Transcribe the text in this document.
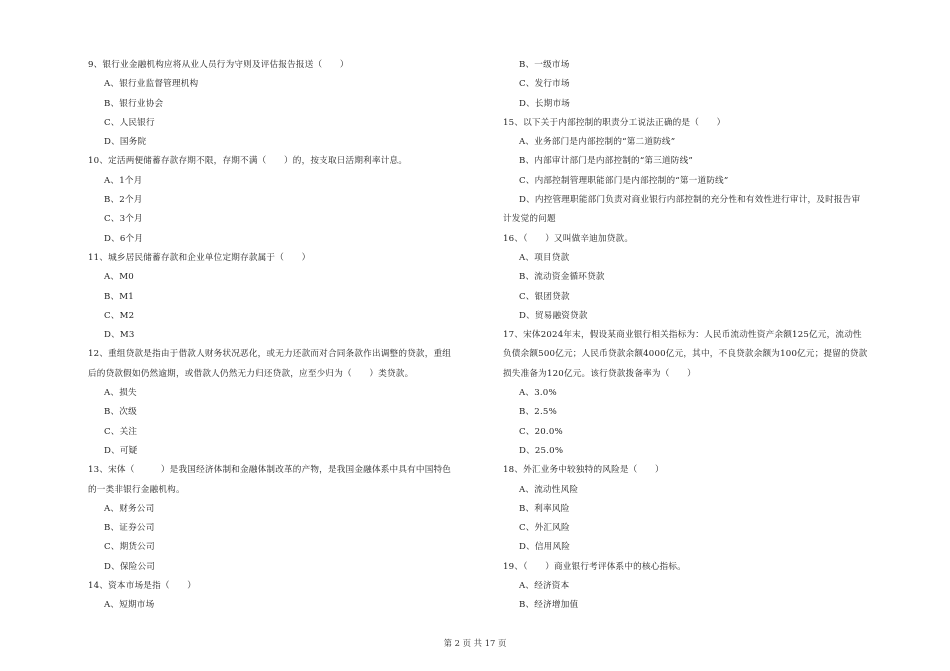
9、银行业金融机构应将从业人员行为守则及评估报告报送（　　）
A、银行业监督管理机构
B、银行业协会
C、人民银行
D、国务院
10、定活两便储蓄存款存期不限，存期不满（　　）的，按支取日活期利率计息。
A、1个月
B、2个月
C、3个月
D、6个月
11、城乡居民储蓄存款和企业单位定期存款属于（　　）
A、M0
B、M1
C、M2
D、M3
12、重组贷款是指由于借款人财务状况恶化，或无力还款而对合同条款作出调整的贷款，重组
后的贷款假如仍然逾期，或借款人仍然无力归还贷款，应至少归为（　　）类贷款。
A、损失
B、次级
C、关注
D、可疑
13、宋体（　　　）是我国经济体制和金融体制改革的产物，是我国金融体系中具有中国特色
的一类非银行金融机构。
A、财务公司
B、证券公司
C、期货公司
D、保险公司
14、资本市场是指（　　）
A、短期市场
B、一级市场
C、发行市场
D、长期市场
15、以下关于内部控制的职责分工说法正确的是（　　）
A、业务部门是内部控制的“第二道防线”
B、内部审计部门是内部控制的“第三道防线”
C、内部控制管理职能部门是内部控制的“第一道防线”
D、内控管理职能部门负责对商业银行内部控制的充分性和有效性进行审计，及时报告审
计发觉的问题
16、（　　）又叫做辛迪加贷款。
A、项目贷款
B、流动资金循环贷款
C、银团贷款
D、贸易融资贷款
17、宋体2024年末，假设某商业银行相关指标为：人民币流动性资产余额125亿元，流动性
负债余额500亿元；人民币贷款余额4000亿元，其中，不良贷款余额为100亿元；提留的贷款
损失准备为120亿元。该行贷款拨备率为（　　）
A、3.0%
B、2.5%
C、20.0%
D、25.0%
18、外汇业务中较独特的风险是（　　）
A、流动性风险
B、利率风险
C、外汇风险
D、信用风险
19、（　　）商业银行考评体系中的核心指标。
A、经济资本
B、经济增加值
第 2 页 共 17 页
